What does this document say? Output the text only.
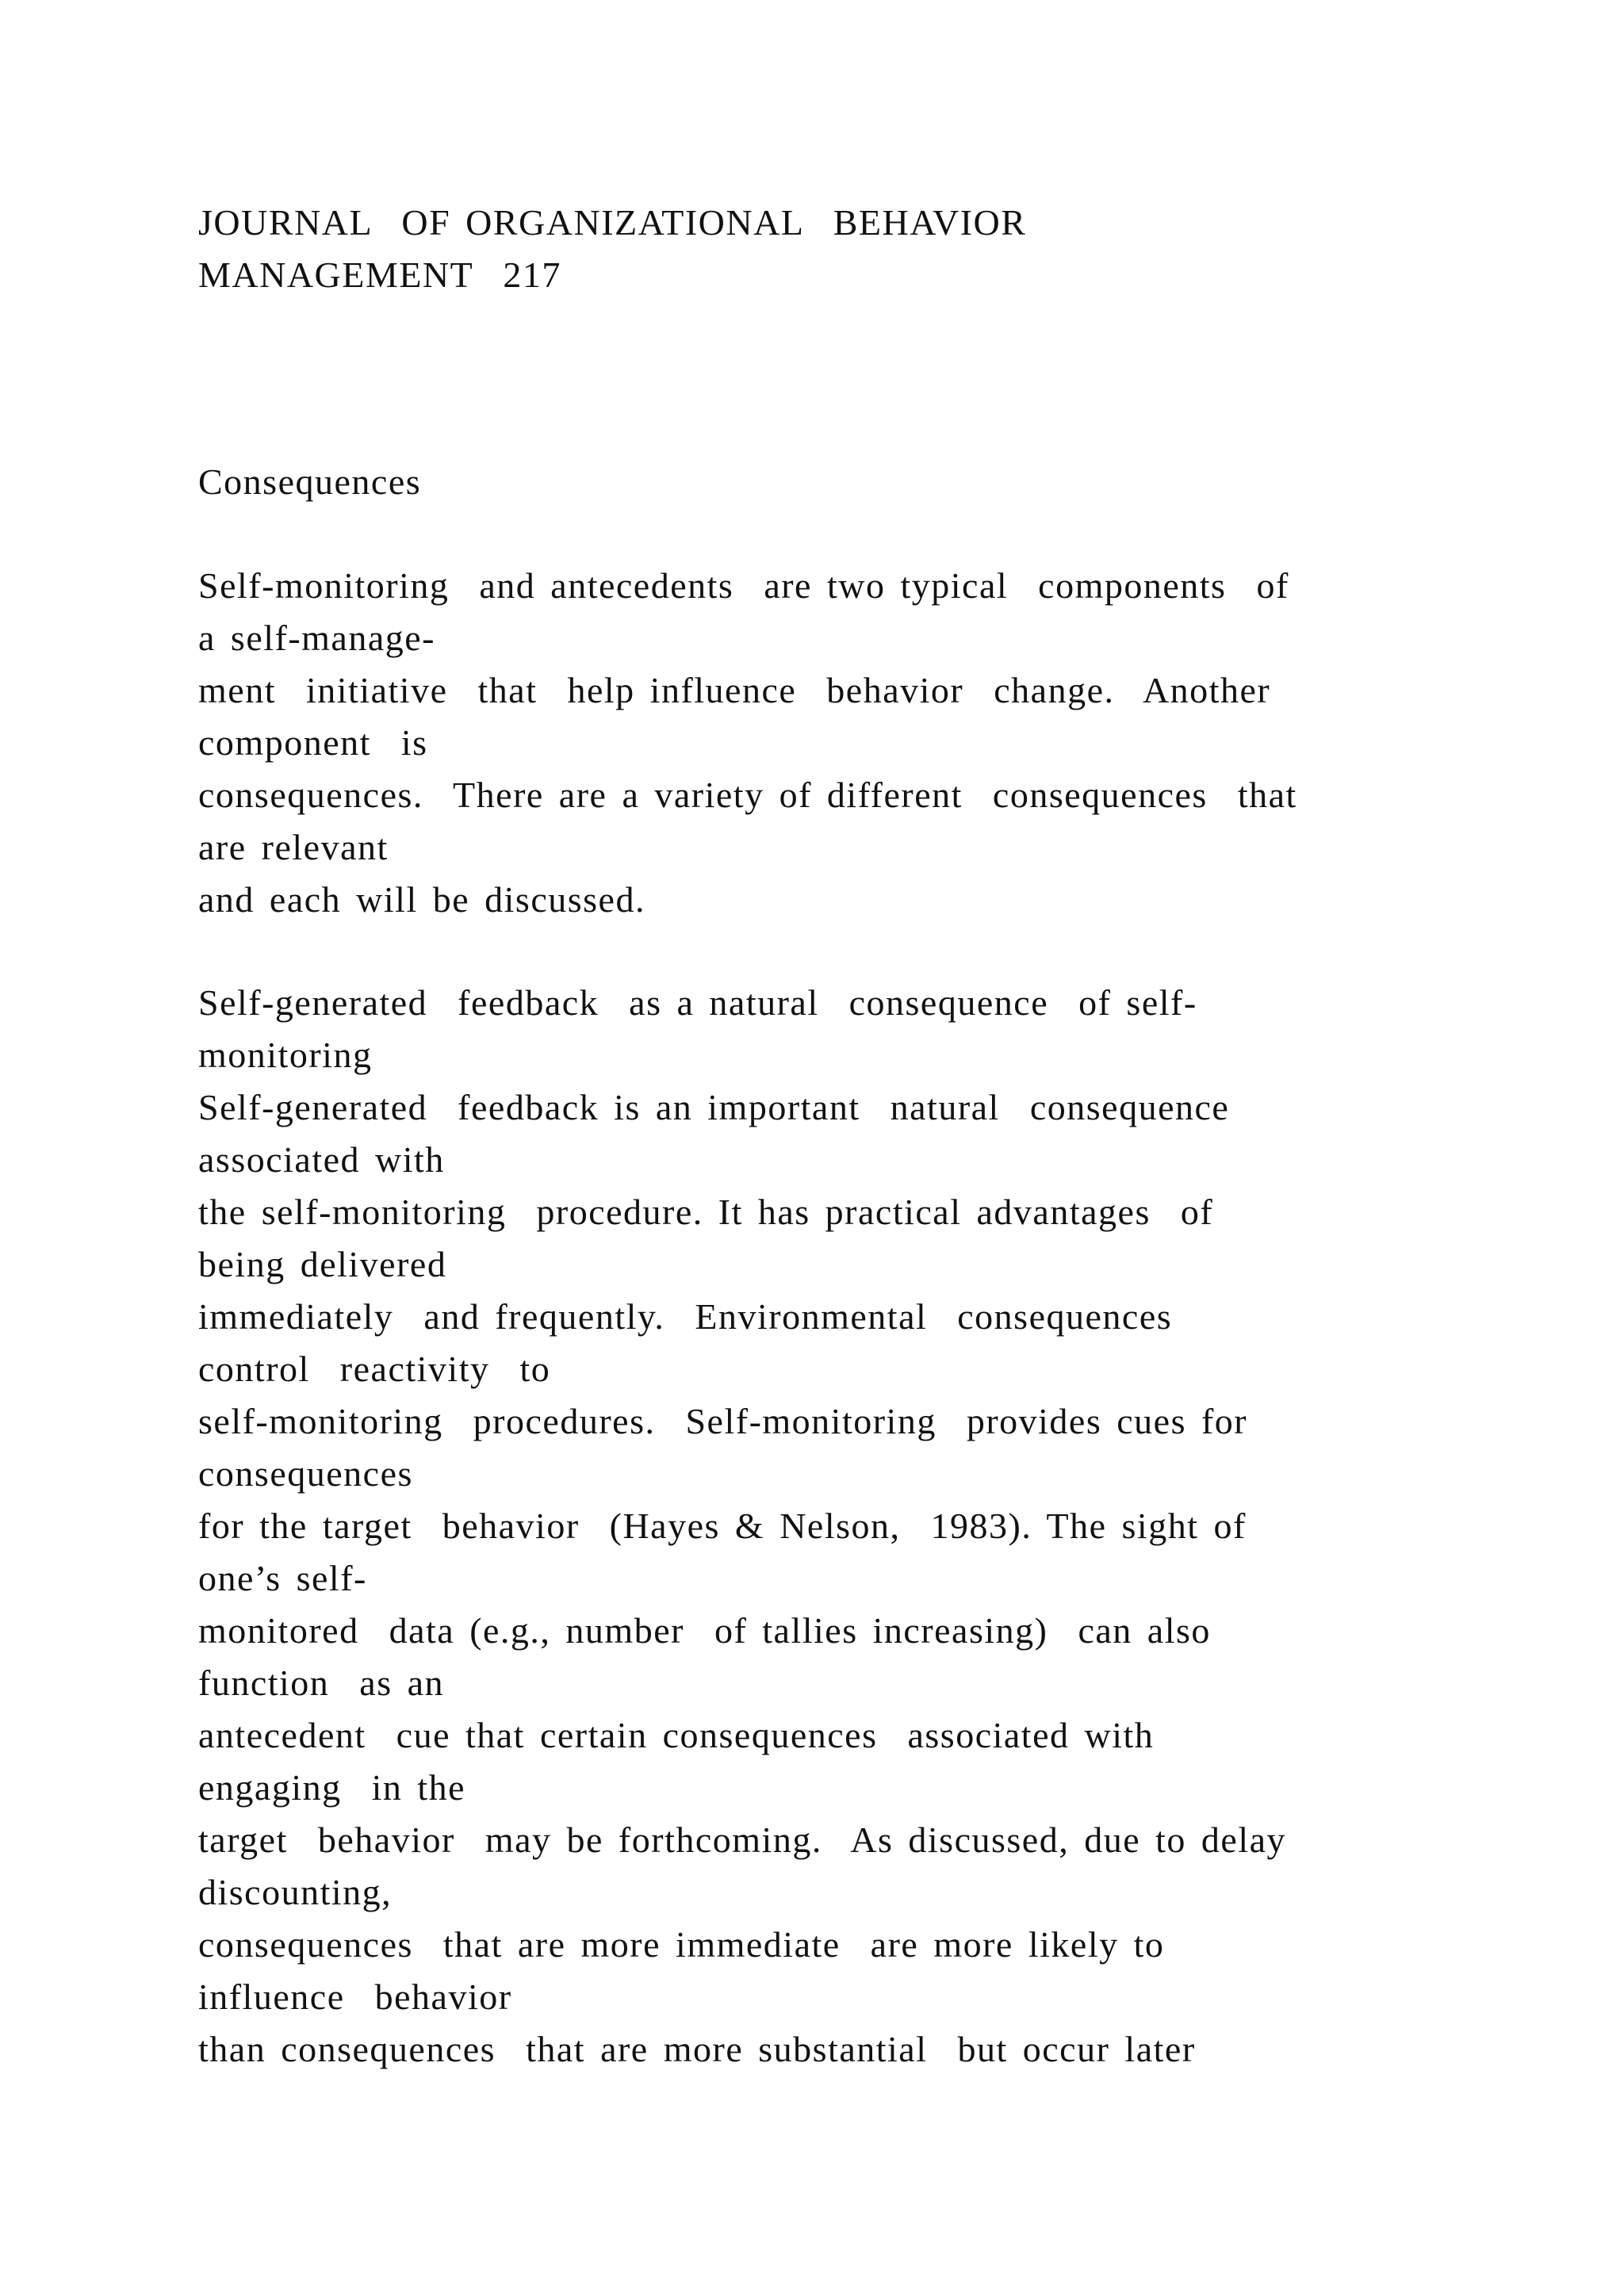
JOURNAL  OF ORGANIZATIONAL  BEHAVIOR
MANAGEMENT  217
Consequences
Self-monitoring  and antecedents  are two typical  components  of
a self-manage-
ment  initiative  that  help influence  behavior  change.  Another
component  is
consequences.  There are a variety of different  consequences  that
are relevant
and each will be discussed.
Self-generated  feedback  as a natural  consequence  of self-
monitoring
Self-generated  feedback is an important  natural  consequence
associated with
the self-monitoring  procedure. It has practical advantages  of
being delivered
immediately  and frequently.  Environmental  consequences
control  reactivity  to
self-monitoring  procedures.  Self-monitoring  provides cues for
consequences
for the target  behavior  (Hayes & Nelson,  1983). The sight of
one’s self-
monitored  data (e.g., number  of tallies increasing)  can also
function  as an
antecedent  cue that certain consequences  associated with
engaging  in the
target  behavior  may be forthcoming.  As discussed, due to delay
discounting,
consequences  that are more immediate  are more likely to
influence  behavior
than consequences  that are more substantial  but occur later
